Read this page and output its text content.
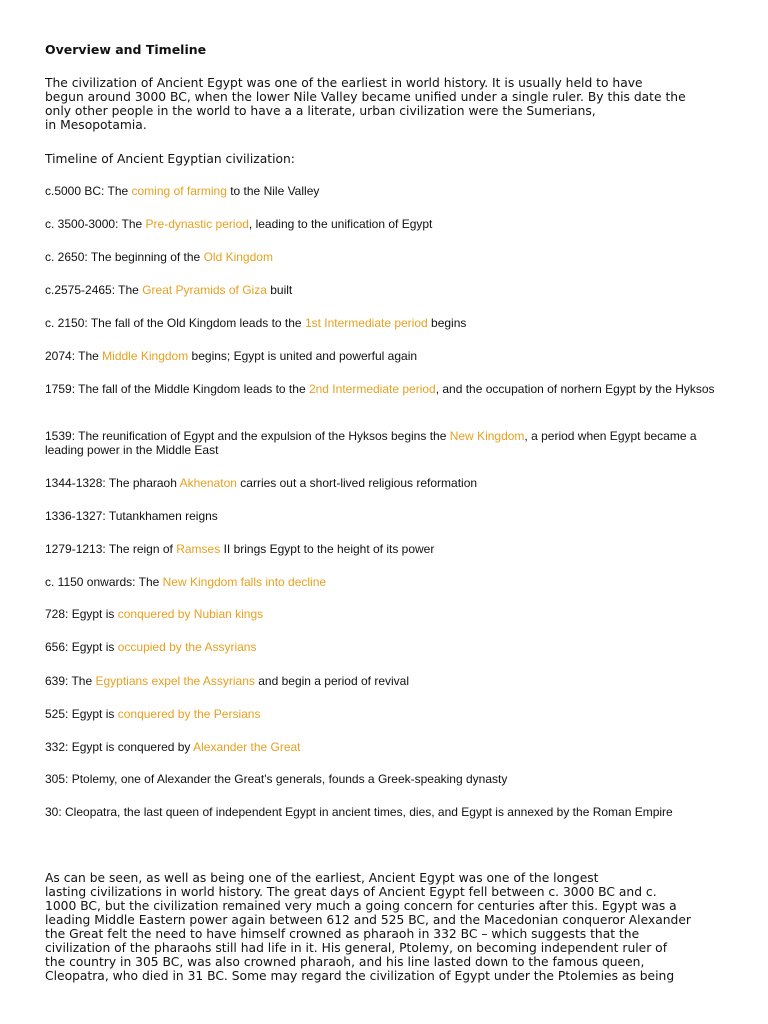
Overview and Timeline

The civilization of Ancient Egypt was one of the earliest in world history. It is usually held to have
begun around 3000 BC, when the lower Nile Valley became unified under a single ruler. By this date the
only other people in the world to have a a literate, urban civilization were the Sumerians,
in Mesopotamia.

Timeline of Ancient Egyptian civilization:

c.5000 BC: The coming of farming to the Nile Valley
c. 3500-3000: The Pre-dynastic period, leading to the unification of Egypt
c. 2650: The beginning of the Old Kingdom
c.2575-2465: The Great Pyramids of Giza built
c. 2150: The fall of the Old Kingdom leads to the 1st Intermediate period begins
2074: The Middle Kingdom begins; Egypt is united and powerful again
1759: The fall of the Middle Kingdom leads to the 2nd Intermediate period, and the occupation of norhern Egypt by the Hyksos
1539: The reunification of Egypt and the expulsion of the Hyksos begins the New Kingdom, a period when Egypt became a leading power in the Middle East
1344-1328: The pharaoh Akhenaton carries out a short-lived religious reformation
1336-1327: Tutankhamen reigns
1279-1213: The reign of Ramses II brings Egypt to the height of its power
c. 1150 onwards: The New Kingdom falls into decline
728: Egypt is conquered by Nubian kings
656: Egypt is occupied by the Assyrians
639: The Egyptians expel the Assyrians and begin a period of revival
525: Egypt is conquered by the Persians
332: Egypt is conquered by Alexander the Great
305: Ptolemy, one of Alexander the Great's generals, founds a Greek-speaking dynasty
30: Cleopatra, the last queen of independent Egypt in ancient times, dies, and Egypt is annexed by the Roman Empire

As can be seen, as well as being one of the earliest, Ancient Egypt was one of the longest
lasting civilizations in world history. The great days of Ancient Egypt fell between c. 3000 BC and c.
1000 BC, but the civilization remained very much a going concern for centuries after this. Egypt was a
leading Middle Eastern power again between 612 and 525 BC, and the Macedonian conqueror Alexander
the Great felt the need to have himself crowned as pharaoh in 332 BC – which suggests that the
civilization of the pharaohs still had life in it. His general, Ptolemy, on becoming independent ruler of
the country in 305 BC, was also crowned pharaoh, and his line lasted down to the famous queen,
Cleopatra, who died in 31 BC. Some may regard the civilization of Egypt under the Ptolemies as being
